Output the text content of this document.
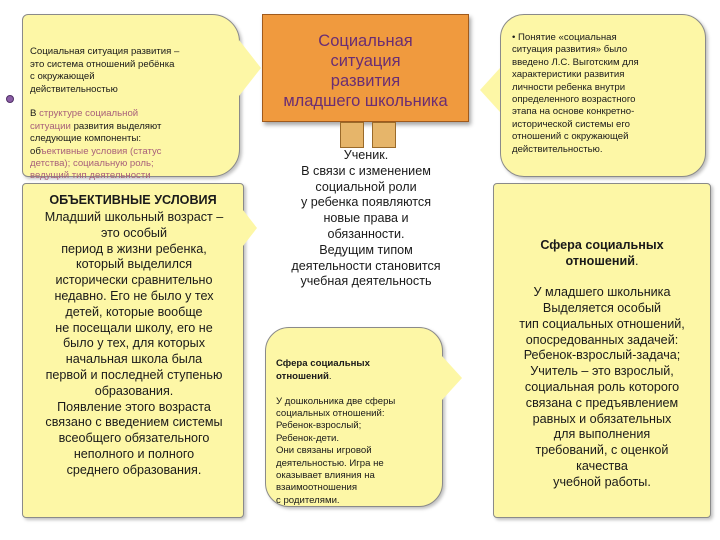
Социальная ситуация развития –
это система отношений ребёнка
с окружающей
действительностью

В структуре социальной
ситуации развития выделяют
следующие компоненты:
объективные условия (статус
детства); социальную роль;
ведущий тип деятельности

Социальная
ситуация
развития
младшего школьника

ОБЪЕКТИВНЫЕ УСЛОВИЯ

Младший школьный возраст –
это особый
период в жизни ребенка,
который выделился
исторически сравнительно
недавно. Его не было у тех
детей, которые вообще
не посещали школу, его не
было у тех, для которых
начальная школа была
первой и последней ступенью
образования.
Появление этого возраста
связано с введением системы
всеобщего обязательного
неполного и полного
среднего образования.

Ученик.
В связи с изменением
социальной роли
у ребенка появляются
новые права и
обязанности.
Ведущим типом
деятельности становится
учебная деятельность

Сфера социальных
отношений.

У дошкольника две сферы
социальных отношений:
Ребенок-взрослый;
Ребенок-дети.
Они связаны игровой
деятельностью. Игра не
оказывает влияния на
взаимоотношения
с родителями.

• Понятие «социальная
ситуация развития» было
введено Л.С. Выготским для
характеристики развития
личности ребенка внутри
определенного возрастного
этапа на основе конкретно-
исторической системы его
отношений с окружающей
действительностью.

Сфера социальных
отношений.

У младшего школьника
Выделяется особый
тип социальных отношений,
опосредованных задачей:
Ребенок-взрослый-задача;
Учитель – это взрослый,
социальная роль которого
связана с предъявлением
равных и обязательных
для выполнения
требований, с оценкой
качества
учебной работы.
